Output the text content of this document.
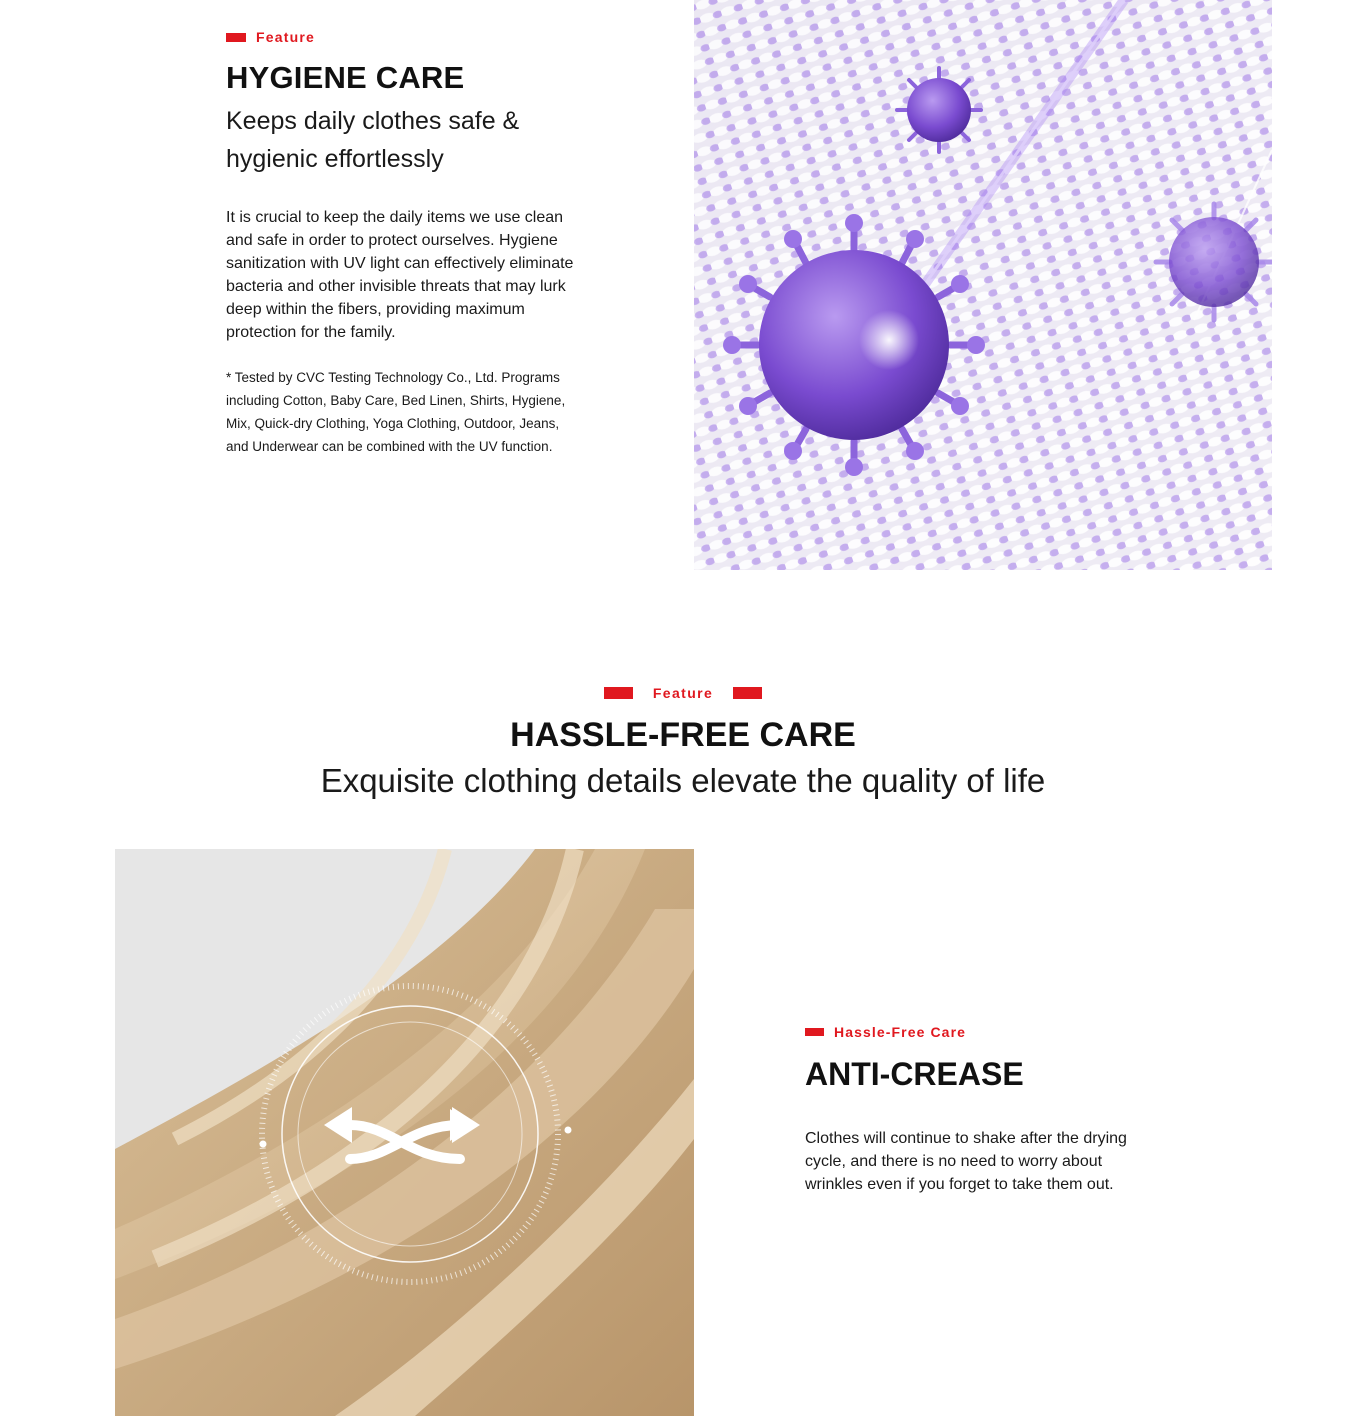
Feature
HYGIENE CARE

Keeps daily clothes safe &
hygienic effortlessly

It is crucial to keep the daily items we use clean and safe in order to protect ourselves. Hygiene sanitization with UV light can effectively eliminate bacteria and other invisible threats that may lurk deep within the fibers, providing maximum protection for the family.

* Tested by CVC Testing Technology Co., Ltd. Programs including Cotton, Baby Care, Bed Linen, Shirts, Hygiene, Mix, Quick-dry Clothing, Yoga Clothing, Outdoor, Jeans, and Underwear can be combined with the UV function.

Feature
HASSLE-FREE CARE

Exquisite clothing details elevate the quality of life

Hassle-Free Care
ANTI-CREASE

Clothes will continue to shake after the drying cycle, and there is no need to worry about wrinkles even if you forget to take them out.
